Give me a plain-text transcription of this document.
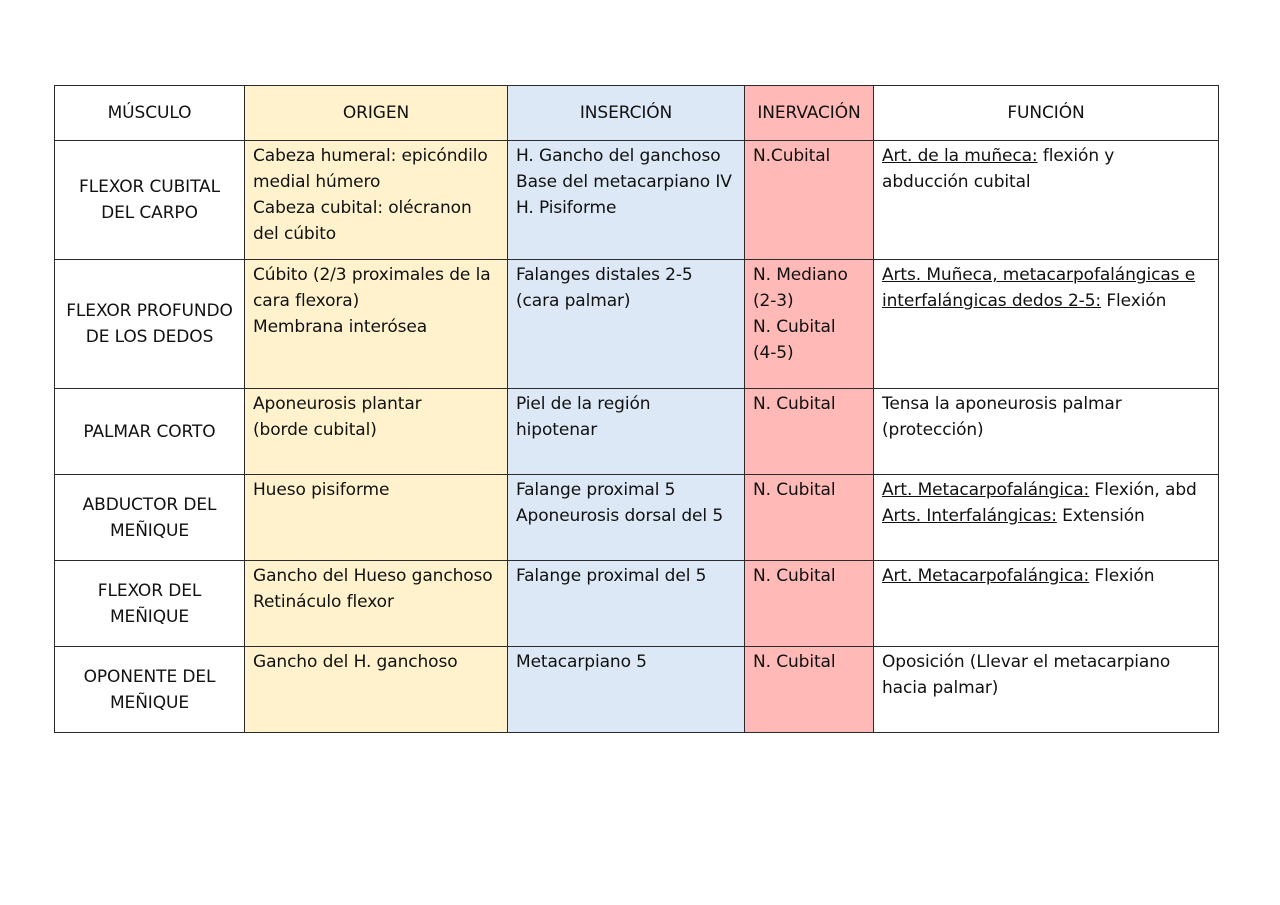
MÚSCULO	ORIGEN	INSERCIÓN	INERVACIÓN	FUNCIÓN
FLEXOR CUBITAL DEL CARPO	Cabeza humeral: epicóndilo
medial húmero
Cabeza cubital: olécranon
del cúbito	H. Gancho del ganchoso
Base del metacarpiano IV
H. Pisiforme	N.Cubital	Art. de la muñeca: flexión y
abducción cubital

FLEXOR PROFUNDO DE LOS DEDOS	Cúbito (2/3 proximales de la
cara flexora)
Membrana interósea	Falanges distales 2-5
(cara palmar)	N. Mediano
(2-3)
N. Cubital
(4-5)	Arts. Muñeca, metacarpofalángicas e
interfalángicas dedos 2-5: Flexión

PALMAR CORTO	Aponeurosis plantar
(borde cubital)	Piel de la región
hipotenar	N. Cubital	Tensa la aponeurosis palmar
(protección)

ABDUCTOR DEL MEÑIQUE	Hueso pisiforme	Falange proximal 5
Aponeurosis dorsal del 5	N. Cubital	Art. Metacarpofalángica: Flexión, abd
Arts. Interfalángicas: Extensión

FLEXOR DEL MEÑIQUE	Gancho del Hueso ganchoso
Retináculo flexor	Falange proximal del 5	N. Cubital	Art. Metacarpofalángica: Flexión

OPONENTE DEL MEÑIQUE	Gancho del H. ganchoso	Metacarpiano 5	N. Cubital	Oposición (Llevar el metacarpiano
hacia palmar)
